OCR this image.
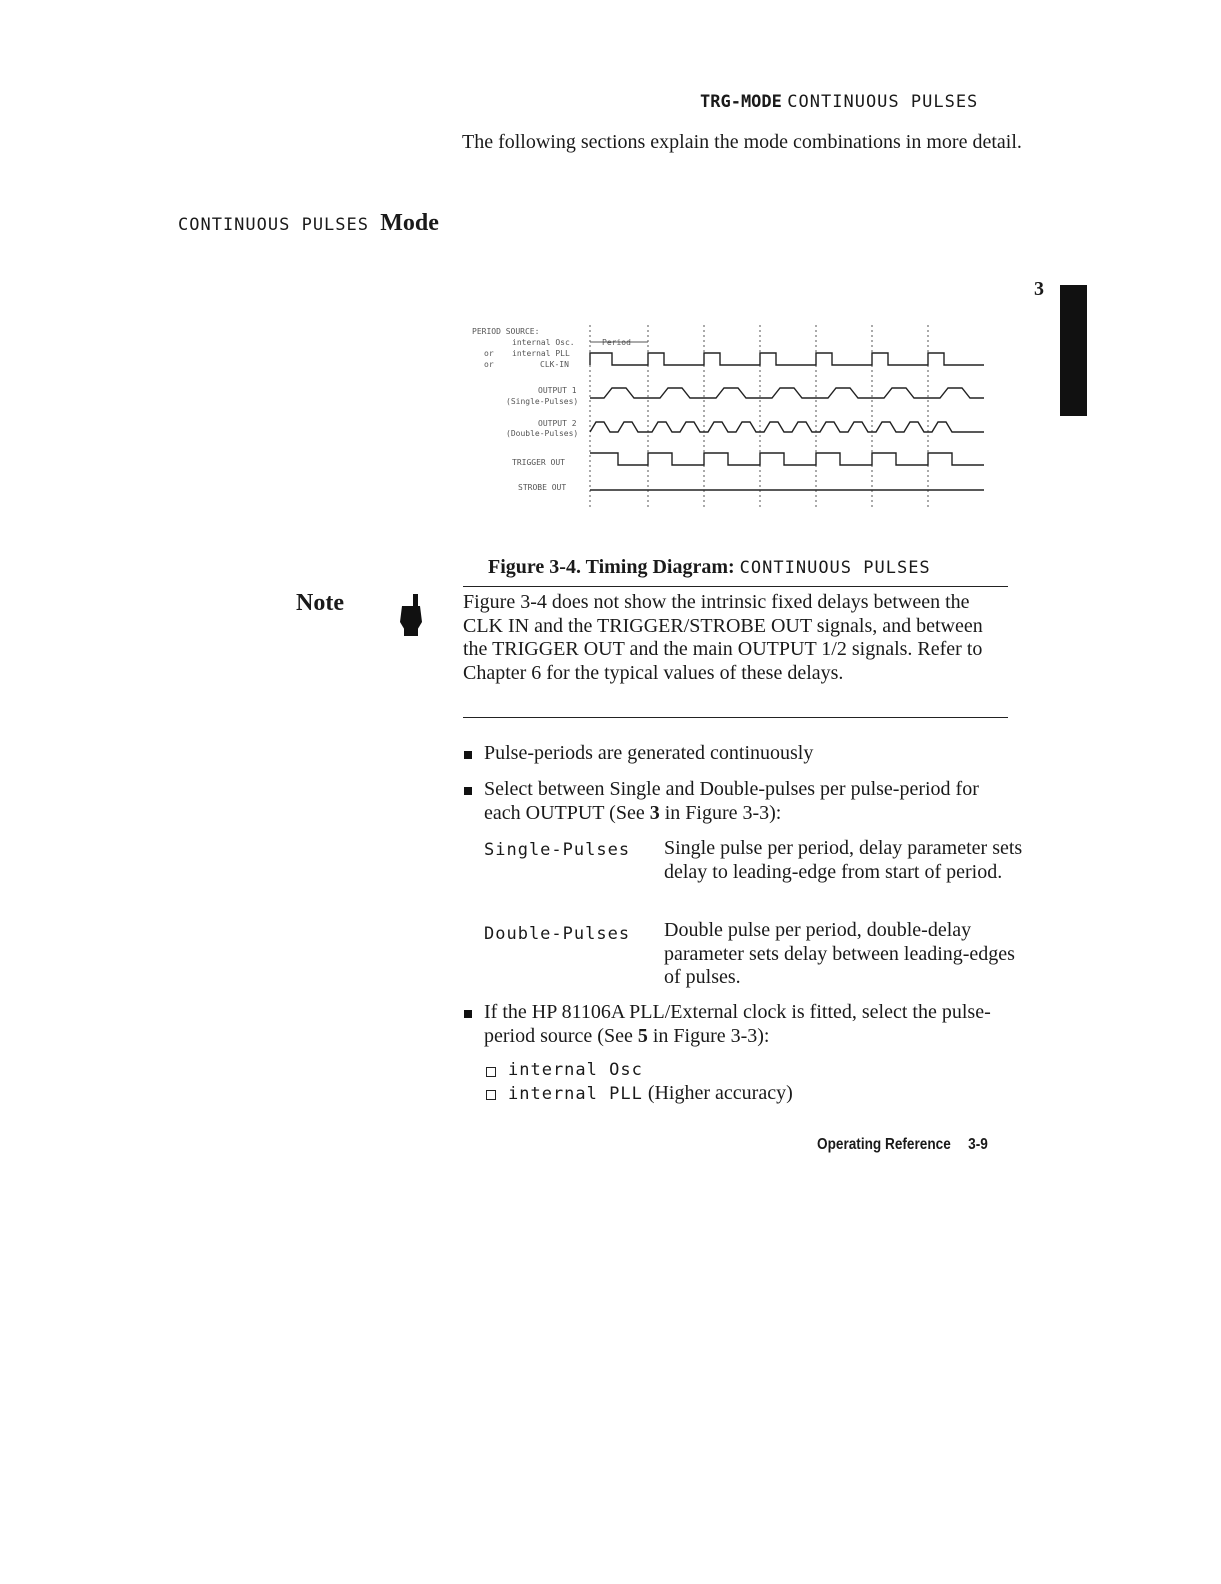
TRG-MODE CONTINUOUS PULSES
The following sections explain the mode combinations in more detail.
CONTINUOUS PULSES Mode
3
PERIOD SOURCE:
internal Osc.
or internal PLL
or	CLK-IN
Period
OUTPUT 1
(Single-Pulses)
OUTPUT 2
(Double-Pulses)
TRIGGER OUT
STROBE OUT
Figure 3-4. Timing Diagram: CONTINUOUS PULSES
Note	Figure 3-4 does not show the intrinsic fixed delays between the CLK IN and the TRIGGER/STROBE OUT signals, and between the TRIGGER OUT and the main OUTPUT 1/2 signals. Refer to Chapter 6 for the typical values of these delays.
Pulse-periods are generated continuously
Select between Single and Double-pulses per pulse-period for each OUTPUT (See 3 in Figure 3-3):
Single-Pulses Single pulse per period, delay parameter sets delay to leading-edge from start of period.
Double-Pulses Double pulse per period, double-delay parameter sets delay between leading-edges of pulses.
If the HP 81106A PLL/External clock is fitted, select the pulse-period source (See 5 in Figure 3-3):
internal Osc
internal PLL (Higher accuracy)
Operating Reference 3-9
